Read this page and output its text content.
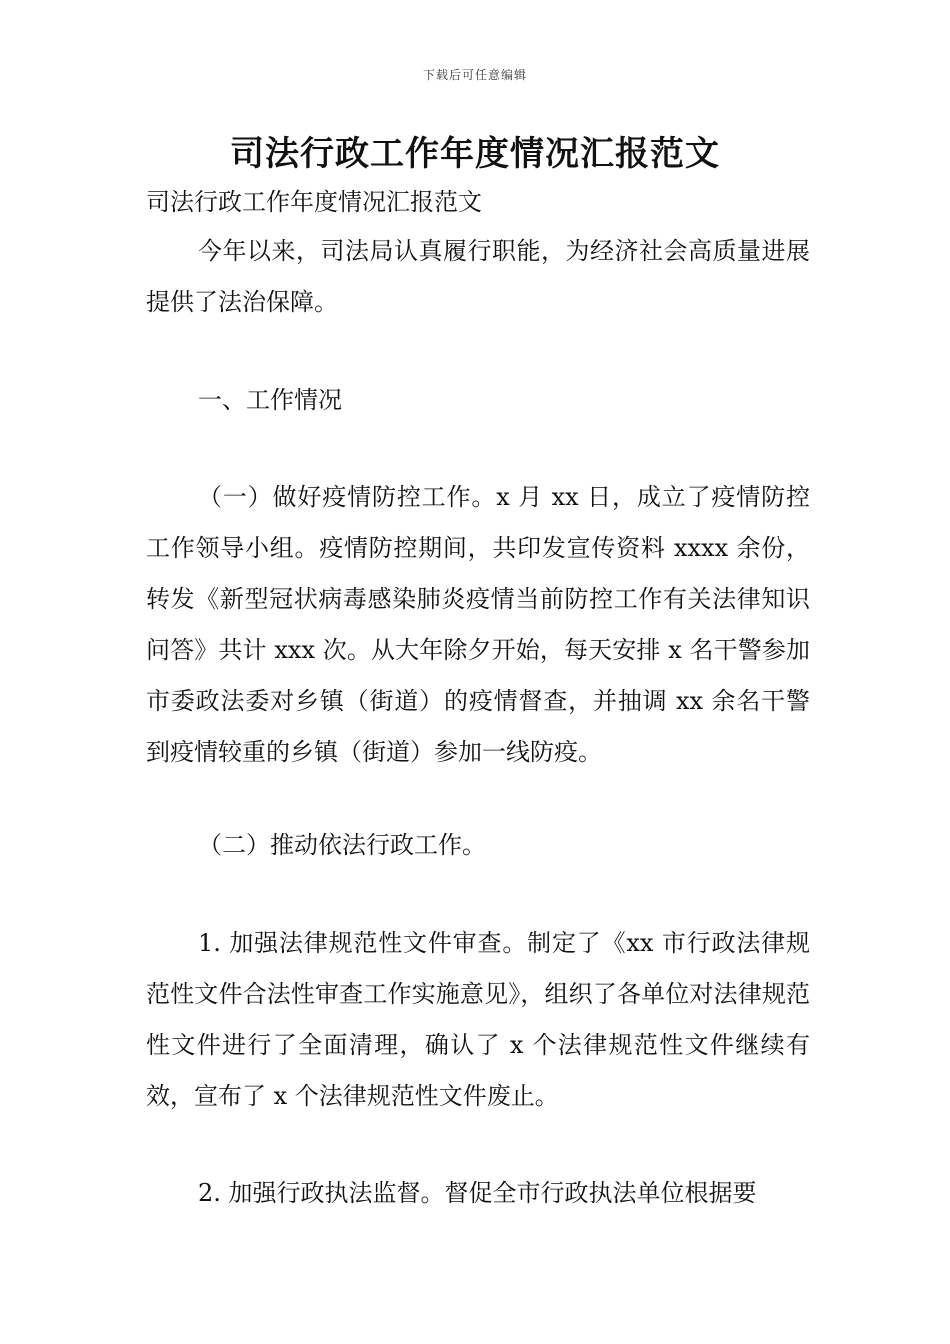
下载后可任意编辑
司法行政工作年度情况汇报范文

司法行政工作年度情况汇报范文

今年以来，司法局认真履行职能，为经济社会高质量进展提供了法治保障。

一、工作情况

（一）做好疫情防控工作。x 月 xx 日，成立了疫情防控工作领导小组。疫情防控期间，共印发宣传资料 xxxx 余份，转发《新型冠状病毒感染肺炎疫情当前防控工作有关法律知识问答》共计 xxx 次。从大年除夕开始，每天安排 x 名干警参加市委政法委对乡镇（街道）的疫情督查，并抽调 xx 余名干警到疫情较重的乡镇（街道）参加一线防疫。

（二）推动依法行政工作。

1. 加强法律规范性文件审查。制定了《xx 市行政法律规范性文件合法性审查工作实施意见》，组织了各单位对法律规范性文件进行了全面清理，确认了 x 个法律规范性文件继续有效，宣布了 x 个法律规范性文件废止。

2. 加强行政执法监督。督促全市行政执法单位根据要
